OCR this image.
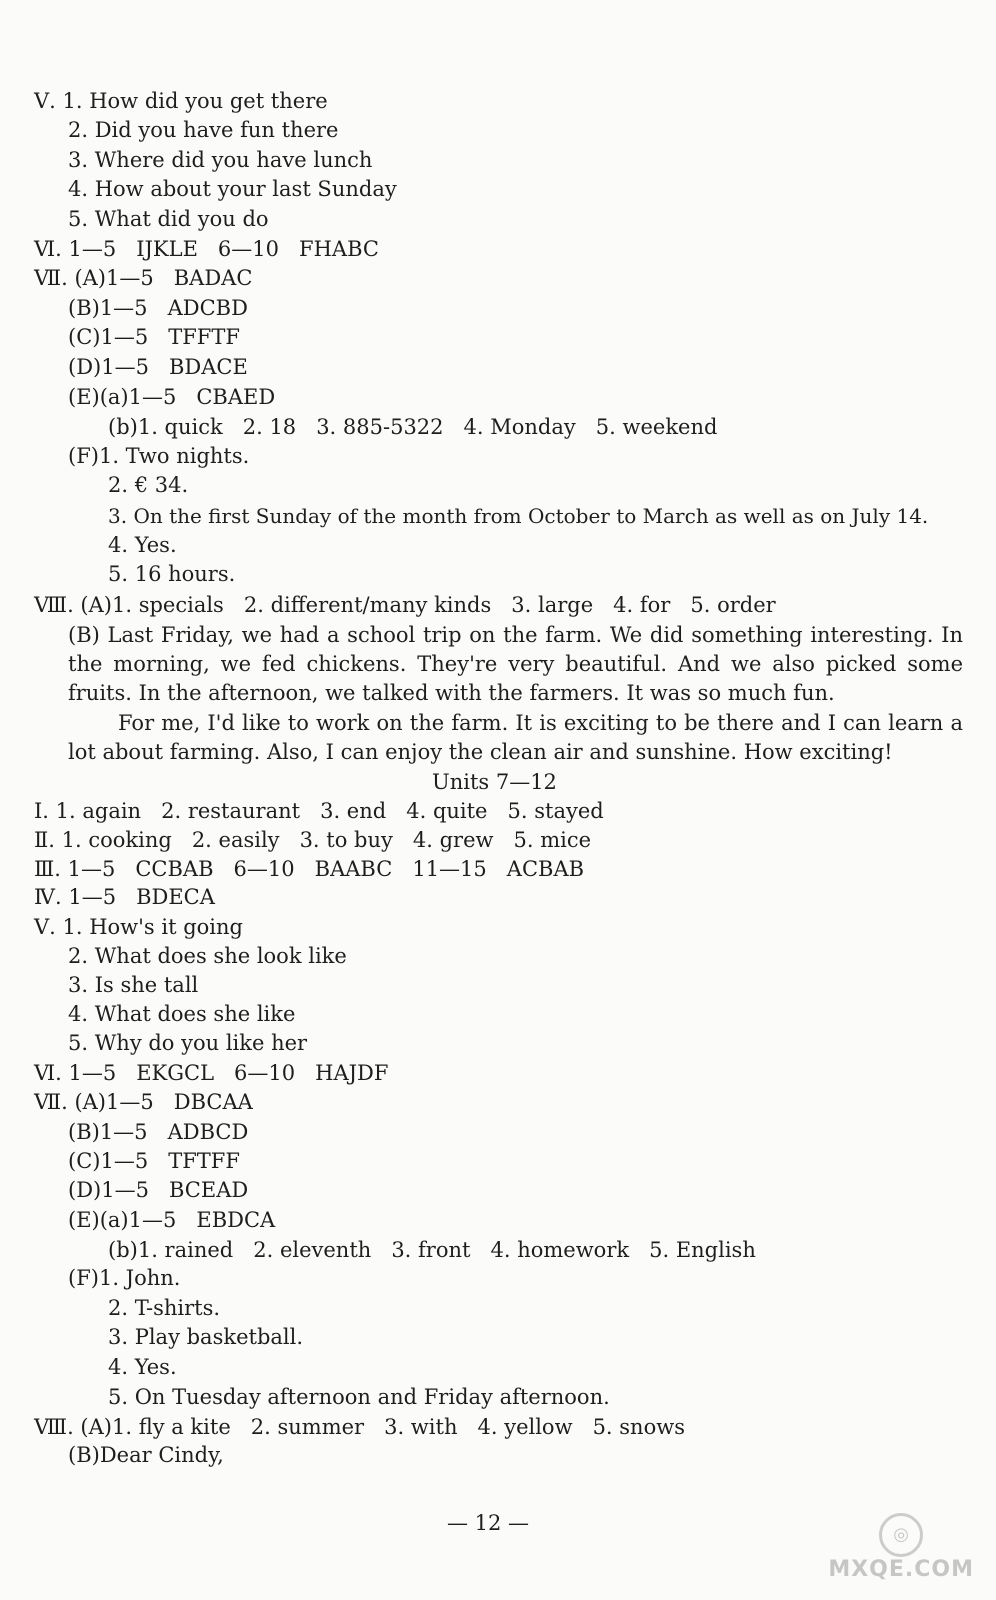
Ⅴ. 1. How did you get there
2. Did you have fun there
3. Where did you have lunch
4. How about your last Sunday
5. What did you do
Ⅵ. 1—5   IJKLE   6—10   FHABC
Ⅶ. (A)1—5   BADAC
(B)1—5   ADCBD
(C)1—5   TFFTF
(D)1—5   BDACE
(E)(a)1—5   CBAED
(b)1. quick   2. 18   3. 885-5322   4. Monday   5. weekend
(F)1. Two nights.
2. € 34.
3. On the first Sunday of the month from October to March as well as on July 14.
4. Yes.
5. 16 hours.
Ⅷ. (A)1. specials   2. different/many kinds   3. large   4. for   5. order
(B) Last Friday, we had a school trip on the farm. We did something interesting. In the morning, we fed chickens. They're very beautiful. And we also picked some fruits. In the afternoon, we talked with the farmers. It was so much fun.
For me, I'd like to work on the farm. It is exciting to be there and I can learn a lot about farming. Also, I can enjoy the clean air and sunshine. How exciting!
Units 7—12
Ⅰ. 1. again   2. restaurant   3. end   4. quite   5. stayed
Ⅱ. 1. cooking   2. easily   3. to buy   4. grew   5. mice
Ⅲ. 1—5   CCBAB   6—10   BAABC   11—15   ACBAB
Ⅳ. 1—5   BDECA
Ⅴ. 1. How's it going
2. What does she look like
3. Is she tall
4. What does she like
5. Why do you like her
Ⅵ. 1—5   EKGCL   6—10   HAJDF
Ⅶ. (A)1—5   DBCAA
(B)1—5   ADBCD
(C)1—5   TFTFF
(D)1—5   BCEAD
(E)(a)1—5   EBDCA
(b)1. rained   2. eleventh   3. front   4. homework   5. English
(F)1. John.
2. T-shirts.
3. Play basketball.
4. Yes.
5. On Tuesday afternoon and Friday afternoon.
Ⅷ. (A)1. fly a kite   2. summer   3. with   4. yellow   5. snows
(B)Dear Cindy,
— 12 —	◎
MXQE.COM
